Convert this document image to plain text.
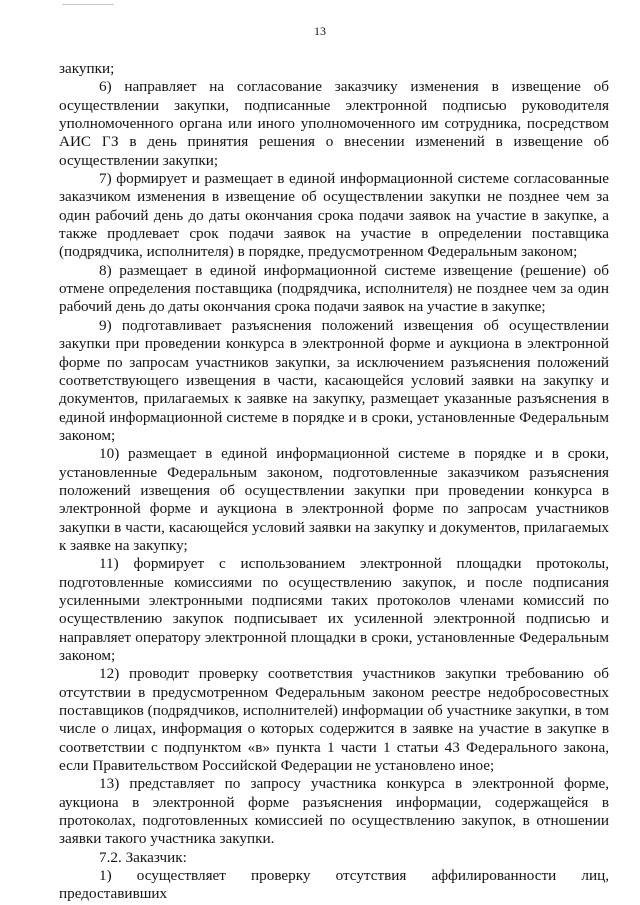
13

закупки;

6) направляет на согласование заказчику изменения в извещение об осуществлении закупки, подписанные электронной подписью руководителя уполномоченного органа или иного уполномоченного им сотрудника, посредством АИС ГЗ в день принятия решения о внесении изменений в извещение об осуществлении закупки;

7) формирует и размещает в единой информационной системе согласованные заказчиком изменения в извещение об осуществлении закупки не позднее чем за один рабочий день до даты окончания срока подачи заявок на участие в закупке, а также продлевает срок подачи заявок на участие в определении поставщика (подрядчика, исполнителя) в порядке, предусмотренном Федеральным законом;

8) размещает в единой информационной системе извещение (решение) об отмене определения поставщика (подрядчика, исполнителя) не позднее чем за один рабочий день до даты окончания срока подачи заявок на участие в закупке;

9) подготавливает разъяснения положений извещения об осуществлении закупки при проведении конкурса в электронной форме и аукциона в электронной форме по запросам участников закупки, за исключением разъяснения положений соответствующего извещения в части, касающейся условий заявки на закупку и документов, прилагаемых к заявке на закупку, размещает указанные разъяснения в единой информационной системе в порядке и в сроки, установленные Федеральным законом;

10) размещает в единой информационной системе в порядке и в сроки, установленные Федеральным законом, подготовленные заказчиком разъяснения положений извещения об осуществлении закупки при проведении конкурса в электронной форме и аукциона в электронной форме по запросам участников закупки в части, касающейся условий заявки на закупку и документов, прилагаемых к заявке на закупку;

11) формирует с использованием электронной площадки протоколы, подготовленные комиссиями по осуществлению закупок, и после подписания усиленными электронными подписями таких протоколов членами комиссий по осуществлению закупок подписывает их усиленной электронной подписью и направляет оператору электронной площадки в сроки, установленные Федеральным законом;

12) проводит проверку соответствия участников закупки требованию об отсутствии в предусмотренном Федеральным законом реестре недобросовестных поставщиков (подрядчиков, исполнителей) информации об участнике закупки, в том числе о лицах, информация о которых содержится в заявке на участие в закупке в соответствии с подпунктом «в» пункта 1 части 1 статьи 43 Федерального закона, если Правительством Российской Федерации не установлено иное;

13) представляет по запросу участника конкурса в электронной форме, аукциона в электронной форме разъяснения информации, содержащейся в протоколах, подготовленных комиссией по осуществлению закупок, в отношении заявки такого участника закупки.

7.2. Заказчик:

1) осуществляет проверку отсутствия аффилированности лиц, предоставивших
